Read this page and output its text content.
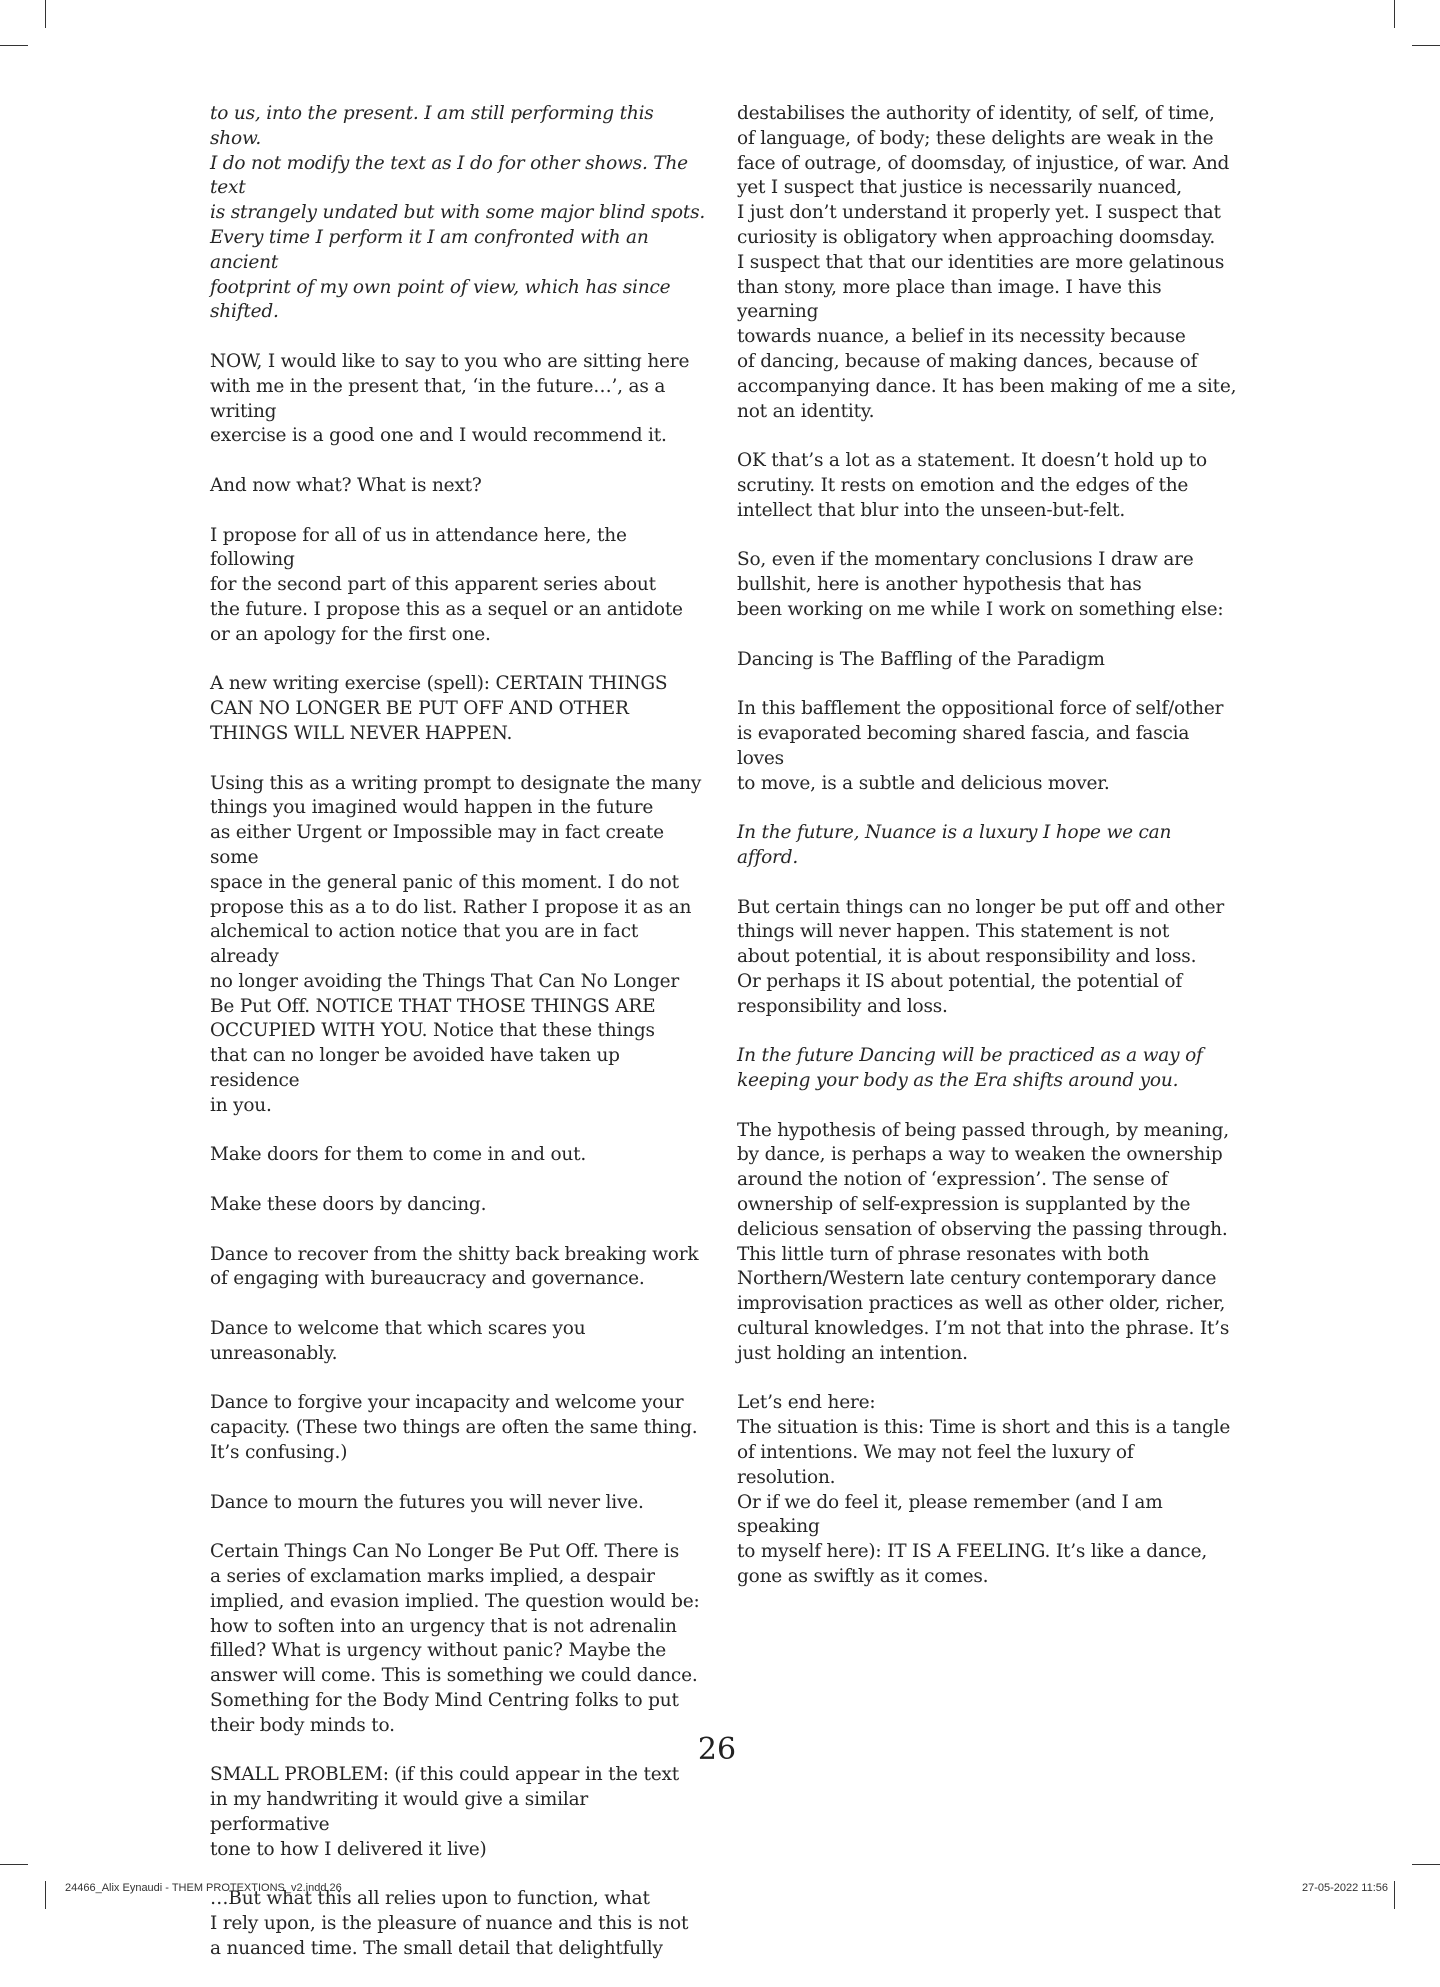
to us, into the present. I am still performing this show.
I do not modify the text as I do for other shows. The text
is strangely undated but with some major blind spots.
Every time I perform it I am confronted with an ancient
footprint of my own point of view, which has since shifted.

NOW, I would like to say to you who are sitting here
with me in the present that, ‘in the future…’, as a writing
exercise is a good one and I would recommend it.

And now what? What is next?

I propose for all of us in attendance here, the following
for the second part of this apparent series about
the future. I propose this as a sequel or an antidote
or an apology for the first one.

A new writing exercise (spell): CERTAIN THINGS
CAN NO LONGER BE PUT OFF AND OTHER
THINGS WILL NEVER HAPPEN.

Using this as a writing prompt to designate the many
things you imagined would happen in the future
as either Urgent or Impossible may in fact create some
space in the general panic of this moment. I do not
propose this as a to do list. Rather I propose it as an
alchemical to action notice that you are in fact already
no longer avoiding the Things That Can No Longer
Be Put Off. NOTICE THAT THOSE THINGS ARE
OCCUPIED WITH YOU. Notice that these things
that can no longer be avoided have taken up residence
in you.

Make doors for them to come in and out.

Make these doors by dancing.

Dance to recover from the shitty back breaking work
of engaging with bureaucracy and governance.

Dance to welcome that which scares you unreasonably.

Dance to forgive your incapacity and welcome your
capacity. (These two things are often the same thing.
It’s confusing.)

Dance to mourn the futures you will never live.

Certain Things Can No Longer Be Put Off. There is
a series of exclamation marks implied, a despair
implied, and evasion implied. The question would be:
how to soften into an urgency that is not adrenalin
filled? What is urgency without panic? Maybe the
answer will come. This is something we could dance.
Something for the Body Mind Centring folks to put
their body minds to.

SMALL PROBLEM: (if this could appear in the text
in my handwriting it would give a similar performative
tone to how I delivered it live)

…But what this all relies upon to function, what
I rely upon, is the pleasure of nuance and this is not
a nuanced time. The small detail that delightfully

destabilises the authority of identity, of self, of time,
of language, of body; these delights are weak in the
face of outrage, of doomsday, of injustice, of war. And
yet I suspect that justice is necessarily nuanced,
I just don’t understand it properly yet. I suspect that
curiosity is obligatory when approaching doomsday.
I suspect that that our identities are more gelatinous
than stony, more place than image. I have this yearning
towards nuance, a belief in its necessity because
of dancing, because of making dances, because of
accompanying dance. It has been making of me a site,
not an identity.

OK that’s a lot as a statement. It doesn’t hold up to
scrutiny. It rests on emotion and the edges of the
intellect that blur into the unseen-but-felt.

So, even if the momentary conclusions I draw are
bullshit, here is another hypothesis that has
been working on me while I work on something else:

Dancing is The Baffling of the Paradigm

In this bafflement the oppositional force of self/other
is evaporated becoming shared fascia, and fascia loves
to move, is a subtle and delicious mover.

In the future, Nuance is a luxury I hope we can afford.

But certain things can no longer be put off and other
things will never happen. This statement is not
about potential, it is about responsibility and loss.
Or perhaps it IS about potential, the potential of
responsibility and loss.

In the future Dancing will be practiced as a way of
keeping your body as the Era shifts around you.

The hypothesis of being passed through, by meaning,
by dance, is perhaps a way to weaken the ownership
around the notion of ‘expression’. The sense of
ownership of self-expression is supplanted by the
delicious sensation of observing the passing through.
This little turn of phrase resonates with both
Northern/Western late century contemporary dance
improvisation practices as well as other older, richer,
cultural knowledges. I’m not that into the phrase. It’s
just holding an intention.

Let’s end here:
The situation is this: Time is short and this is a tangle
of intentions. We may not feel the luxury of resolution.
Or if we do feel it, please remember (and I am speaking
to myself here): IT IS A FEELING. It’s like a dance,
gone as swiftly as it comes.

26
24466_Alix Eynaudi - THEM PROTEXTIONS_v2.indd 26	27-05-2022 11:56
